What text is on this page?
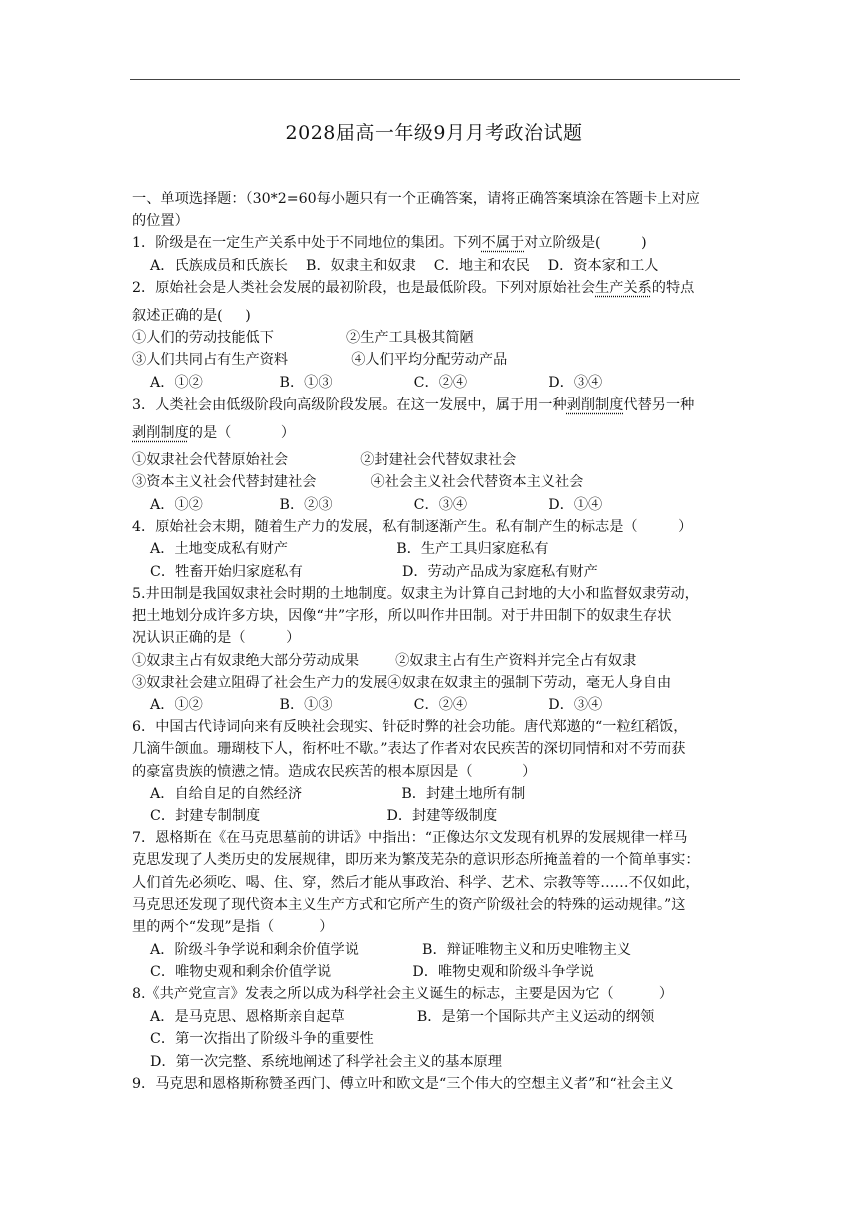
2028届高一年级9月月考政治试题
一、单项选择题：（30*2=60每小题只有一个正确答案，请将正确答案填涂在答题卡上对应
的位置）
1．阶级是在一定生产关系中处于不同地位的集团。下列不属于对立阶级是(         )
A．氏族成员和氏族长    B．奴隶主和奴隶    C．地主和农民    D．资本家和工人
2．原始社会是人类社会发展的最初阶段，也是最低阶段。下列对原始社会生产关系的特点
叙述正确的是(     )
①人们的劳动技能低下                ②生产工具极其简陋
③人们共同占有生产资料              ④人们平均分配劳动产品
A．①②                 B．①③                  C．②④                  D．③④
3．人类社会由低级阶段向高级阶段发展。在这一发展中，属于用一种剥削制度代替另一种
剥削制度的是（           ）
①奴隶社会代替原始社会                ②封建社会代替奴隶社会
③资本主义社会代替封建社会            ④社会主义社会代替资本主义社会
A．①②                 B．②③                  C．③④                  D．①④
4．原始社会末期，随着生产力的发展，私有制逐渐产生。私有制产生的标志是（         ）
A．土地变成私有财产                        B．生产工具归家庭私有
C．牲畜开始归家庭私有                      D．劳动产品成为家庭私有财产
5.井田制是我国奴隶社会时期的土地制度。奴隶主为计算自己封地的大小和监督奴隶劳动，
把土地划分成许多方块，因像“井”字形，所以叫作井田制。对于井田制下的奴隶生存状
况认识正确的是（         ）
①奴隶主占有奴隶绝大部分劳动成果        ②奴隶主占有生产资料并完全占有奴隶
③奴隶社会建立阻碍了社会生产力的发展④奴隶在奴隶主的强制下劳动，毫无人身自由
A．①②                 B．①③                  C．②④                  D．③④
6．中国古代诗词向来有反映社会现实、针砭时弊的社会功能。唐代郑遨的“一粒红稻饭，
几滴牛颌血。珊瑚枝下人，衔杯吐不歇。”表达了作者对农民疾苦的深切同情和对不劳而获
的豪富贵族的愤懑之情。造成农民疾苦的根本原因是（           ）
A．自给自足的自然经济                      B．封建土地所有制
C．封建专制制度                            D．封建等级制度
7．恩格斯在《在马克思墓前的讲话》中指出：“正像达尔文发现有机界的发展规律一样马
克思发现了人类历史的发展规律，即历来为繁茂芜杂的意识形态所掩盖着的一个简单事实：
人们首先必须吃、喝、住、穿，然后才能从事政治、科学、艺术、宗教等等……不仅如此，
马克思还发现了现代资本主义生产方式和它所产生的资产阶级社会的特殊的运动规律。”这
里的两个“发现”是指（          ）
A．阶级斗争学说和剩余价值学说              B．辩证唯物主义和历史唯物主义
C．唯物史观和剩余价值学说                  D．唯物史观和阶级斗争学说
8.《共产党宣言》发表之所以成为科学社会主义诞生的标志，主要是因为它（          ）
A．是马克思、恩格斯亲自起草                B．是第一个国际共产主义运动的纲领
C．第一次指出了阶级斗争的重要性
D．第一次完整、系统地阐述了科学社会主义的基本原理
9．马克思和恩格斯称赞圣西门、傅立叶和欧文是“三个伟大的空想主义者”和“社会主义
